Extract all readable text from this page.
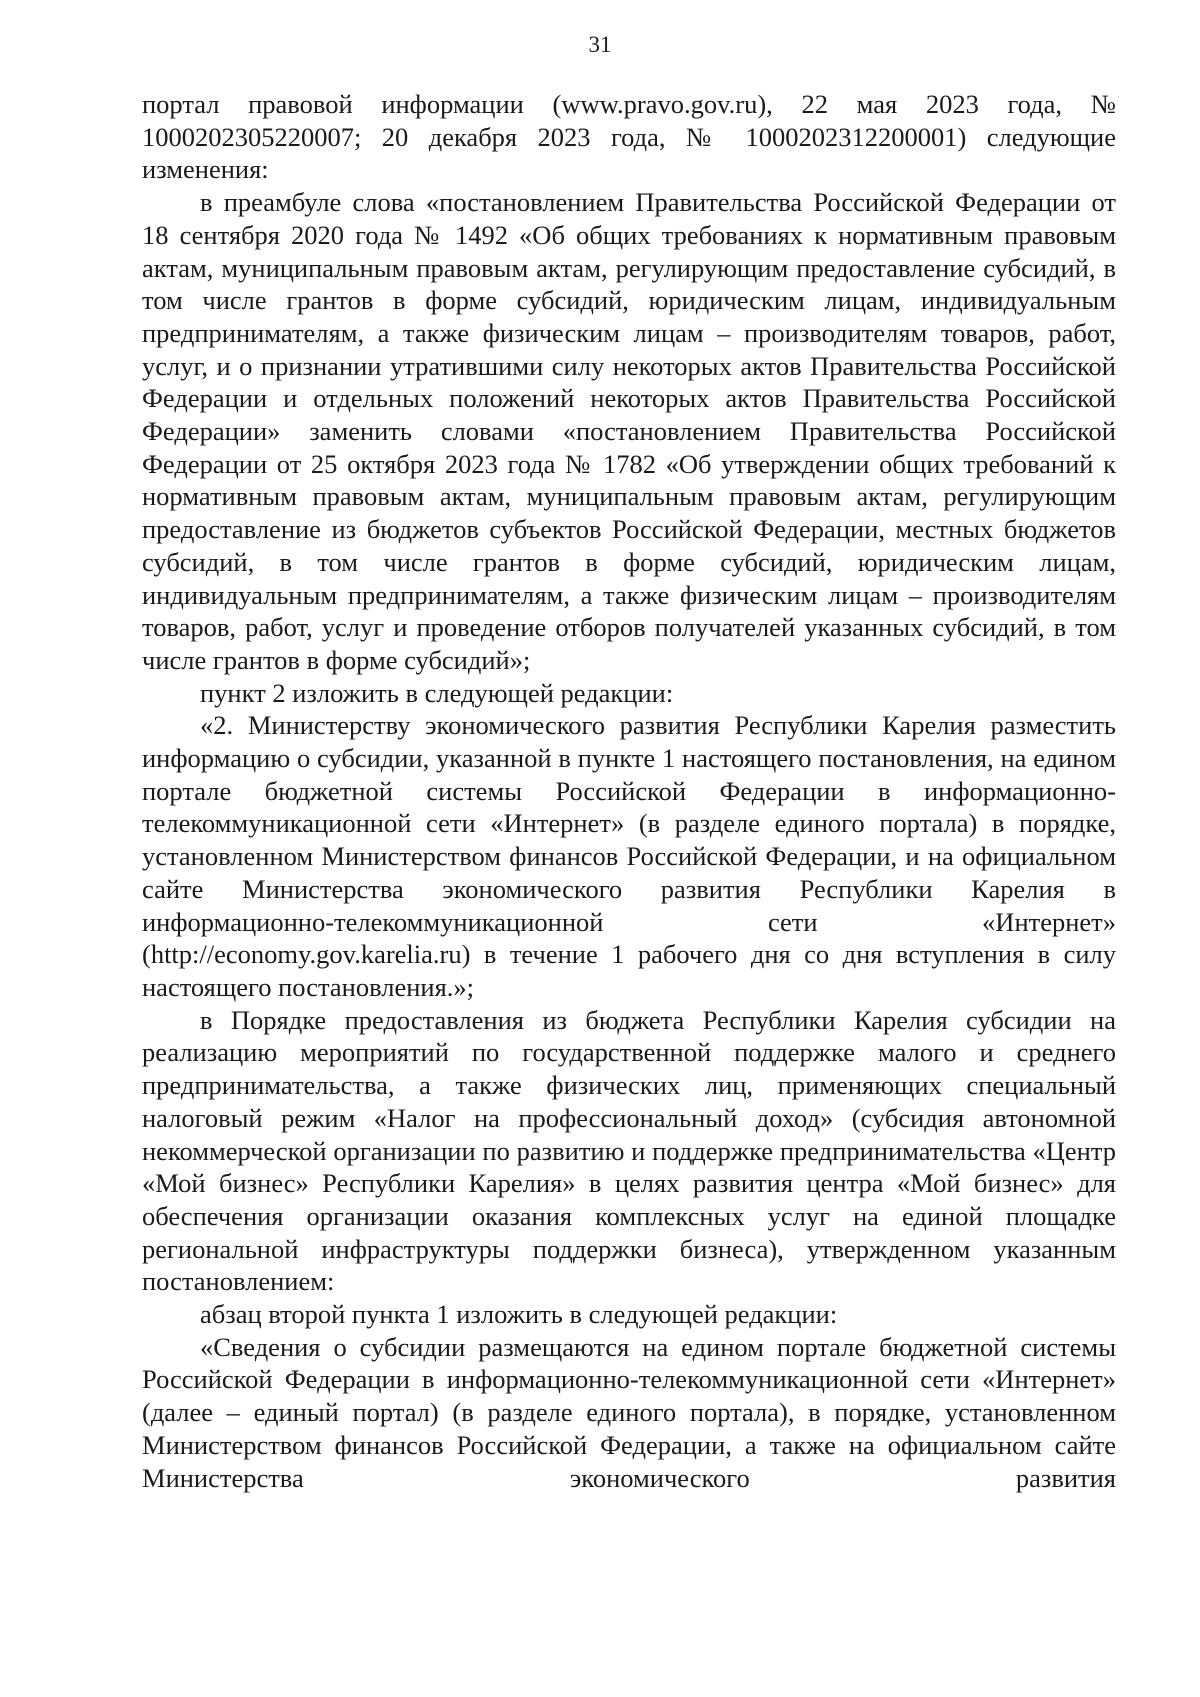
31

портал правовой информации (www.pravo.gov.ru), 22 мая 2023 года, № 1000202305220007; 20 декабря 2023 года, № 1000202312200001) следующие изменения:

в преамбуле слова «постановлением Правительства Российской Федерации от 18 сентября 2020 года № 1492 «Об общих требованиях к нормативным правовым актам, муниципальным правовым актам, регулирующим предоставление субсидий, в том числе грантов в форме субсидий, юридическим лицам, индивидуальным предпринимателям, а также физическим лицам – производителям товаров, работ, услуг, и о признании утратившими силу некоторых актов Правительства Российской Федерации и отдельных положений некоторых актов Правительства Российской Федерации» заменить словами «постановлением Правительства Российской Федерации от 25 октября 2023 года № 1782 «Об утверждении общих требований к нормативным правовым актам, муниципальным правовым актам, регулирующим предоставление из бюджетов субъектов Российской Федерации, местных бюджетов субсидий, в том числе грантов в форме субсидий, юридическим лицам, индивидуальным предпринимателям, а также физическим лицам – производителям товаров, работ, услуг и проведение отборов получателей указанных субсидий, в том числе грантов в форме субсидий»;

пункт 2 изложить в следующей редакции:

«2. Министерству экономического развития Республики Карелия разместить информацию о субсидии, указанной в пункте 1 настоящего постановления, на едином портале бюджетной системы Российской Федерации в информационно-телекоммуникационной сети «Интернет» (в разделе единого портала) в порядке, установленном Министерством финансов Российской Федерации, и на официальном сайте Министерства экономического развития Республики Карелия в информационно-телекоммуникационной сети «Интернет» (http://economy.gov.karelia.ru) в течение 1 рабочего дня со дня вступления в силу настоящего постановления.»;

в Порядке предоставления из бюджета Республики Карелия субсидии на реализацию мероприятий по государственной поддержке малого и среднего предпринимательства, а также физических лиц, применяющих специальный налоговый режим «Налог на профессиональный доход» (субсидия автономной некоммерческой организации по развитию и поддержке предпринимательства «Центр «Мой бизнес» Республики Карелия» в целях развития центра «Мой бизнес» для обеспечения организации оказания комплексных услуг на единой площадке региональной инфраструктуры поддержки бизнеса), утвержденном указанным постановлением:

абзац второй пункта 1 изложить в следующей редакции:

«Сведения о субсидии размещаются на едином портале бюджетной системы Российской Федерации в информационно-телекоммуникационной сети «Интернет» (далее – единый портал) (в разделе единого портала), в порядке, установленном Министерством финансов Российской Федерации, а также на официальном сайте Министерства экономического развития
